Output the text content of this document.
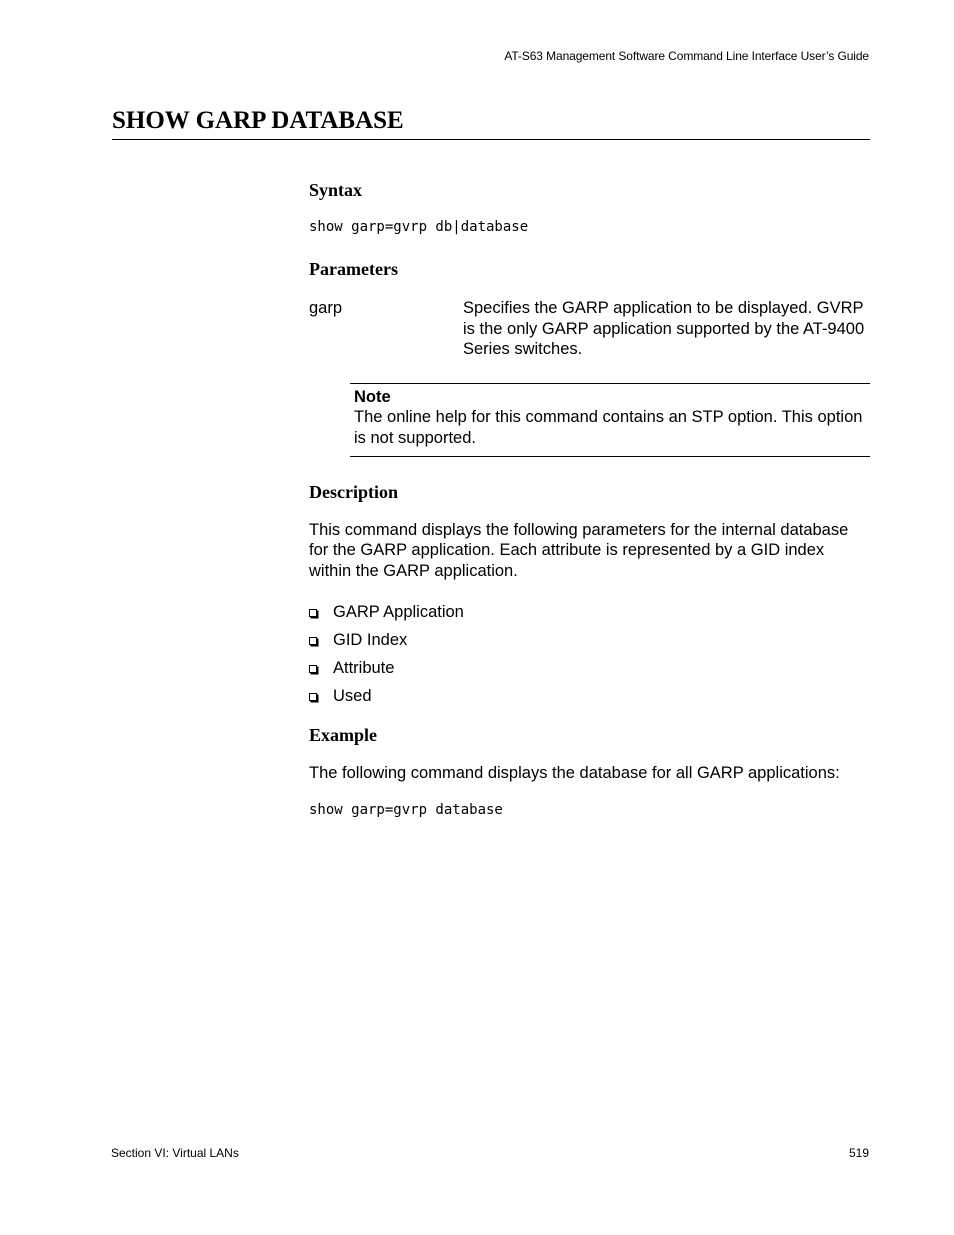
AT-S63 Management Software Command Line Interface User’s Guide
SHOW GARP DATABASE
Syntax
show garp=gvrp db|database
Parameters
garp	Specifies the GARP application to be displayed. GVRP is the only GARP application supported by the AT-9400 Series switches.
Note
The online help for this command contains an STP option. This option is not supported.
Description
This command displays the following parameters for the internal database for the GARP application. Each attribute is represented by a GID index within the GARP application.
GARP Application
GID Index
Attribute
Used
Example
The following command displays the database for all GARP applications:
show garp=gvrp database
Section VI: Virtual LANs	519
